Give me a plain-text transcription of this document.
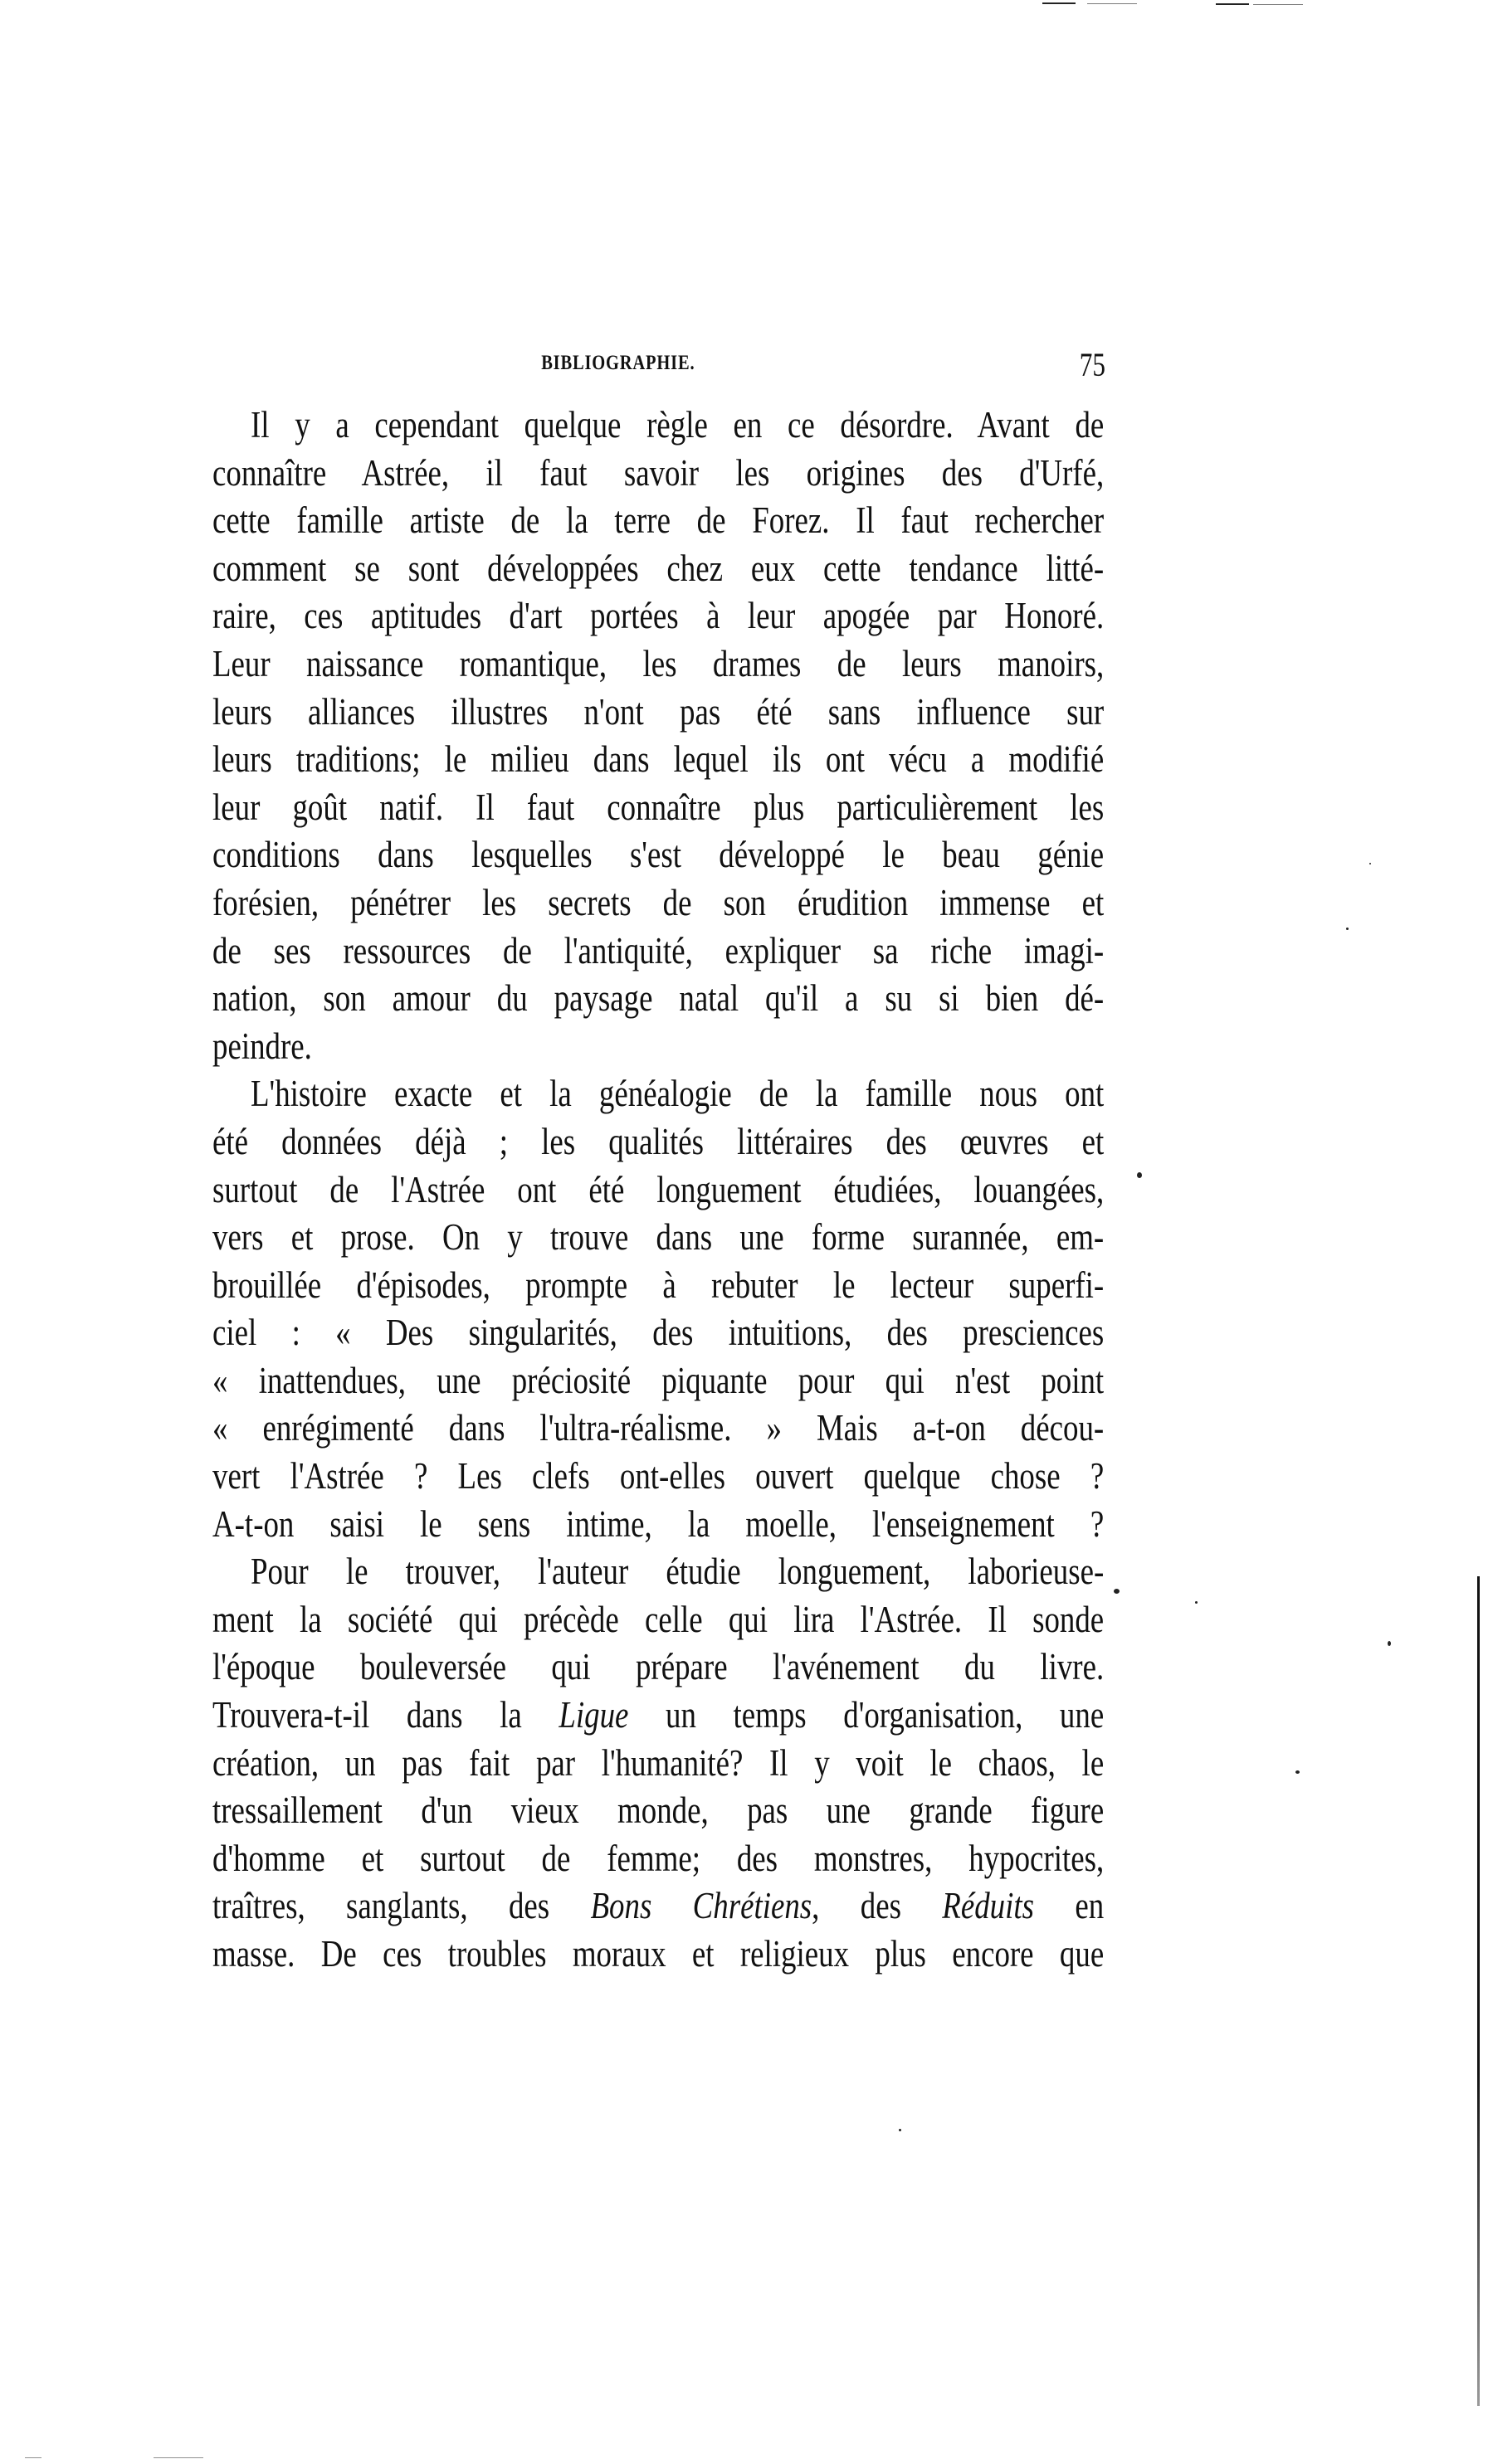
BIBLIOGRAPHIE.	75
Il y a cependant quelque règle en ce désordre. Avant de
connaître Astrée, il faut savoir les origines des d'Urfé,
cette famille artiste de la terre de Forez. Il faut rechercher
comment se sont développées chez eux cette tendance litté-
raire, ces aptitudes d'art portées à leur apogée par Honoré.
Leur naissance romantique, les drames de leurs manoirs,
leurs alliances illustres n'ont pas été sans influence sur
leurs traditions; le milieu dans lequel ils ont vécu a modifié
leur goût natif. Il faut connaître plus particulièrement les
conditions dans lesquelles s'est développé le beau génie
forésien, pénétrer les secrets de son érudition immense et
de ses ressources de l'antiquité, expliquer sa riche imagi-
nation, son amour du paysage natal qu'il a su si bien dé-
peindre.
L'histoire exacte et la généalogie de la famille nous ont
été données déjà ; les qualités littéraires des œuvres et
surtout de l'Astrée ont été longuement étudiées, louangées,
vers et prose. On y trouve dans une forme surannée, em-
brouillée d'épisodes, prompte à rebuter le lecteur superfi-
ciel : « Des singularités, des intuitions, des presciences
« inattendues, une préciosité piquante pour qui n'est point
« enrégimenté dans l'ultra-réalisme. » Mais a-t-on décou-
vert l'Astrée ? Les clefs ont-elles ouvert quelque chose ?
A-t-on saisi le sens intime, la moelle, l'enseignement ?
Pour le trouver, l'auteur étudie longuement, laborieuse-
ment la société qui précède celle qui lira l'Astrée. Il sonde
l'époque bouleversée qui prépare l'avénement du livre.
Trouvera-t-il dans la Ligue un temps d'organisation, une
création, un pas fait par l'humanité? Il y voit le chaos, le
tressaillement d'un vieux monde, pas une grande figure
d'homme et surtout de femme; des monstres, hypocrites,
traîtres, sanglants, des Bons Chrétiens, des Réduits en
masse. De ces troubles moraux et religieux plus encore que
